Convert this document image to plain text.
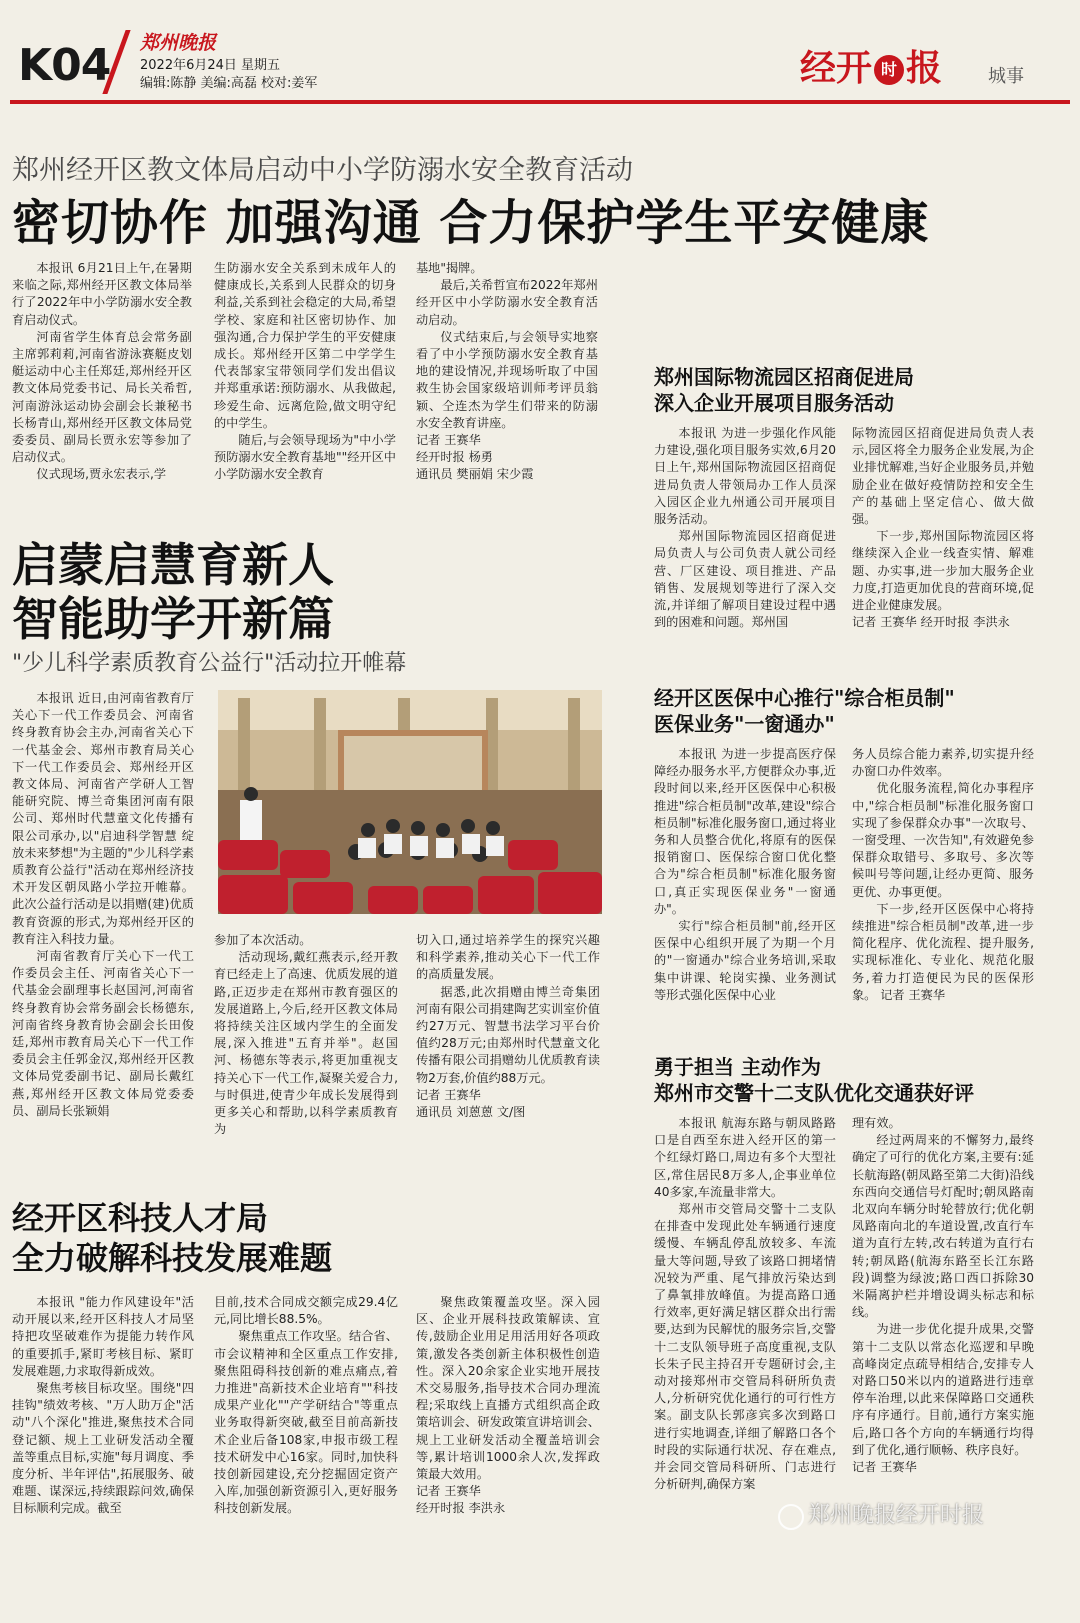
K04 郑州晚报
2022年6月24日 星期五
编辑:陈静 美编:高磊 校对:姜军	经开 时 报	城事
郑州经开区教文体局启动中小学防溺水安全教育活动
密切协作 加强沟通 合力保护学生平安健康
本报讯 6月21日上午,在暑期来临之际,郑州经开区教文体局举行了2022年中小学防溺水安全教育启动仪式。
河南省学生体育总会常务副主席郭莉莉,河南省游泳赛艇皮划艇运动中心主任郑廷,郑州经开区教文体局党委书记、局长关希哲,河南游泳运动协会副会长兼秘书长杨青山,郑州经开区教文体局党委委员、副局长贾永宏等参加了启动仪式。
仪式现场,贾永宏表示,学
生防溺水安全关系到未成年人的健康成长,关系到人民群众的切身利益,关系到社会稳定的大局,希望学校、家庭和社区密切协作、加强沟通,合力保护学生的平安健康成长。郑州经开区第二中学学生代表郜家宝带领同学们发出倡议并郑重承诺:预防溺水、从我做起,珍爱生命、远离危险,做文明守纪的中学生。
随后,与会领导现场为"中小学预防溺水安全教育基地""经开区中小学防溺水安全教育
基地"揭牌。
最后,关希哲宣布2022年郑州经开区中小学防溺水安全教育活动启动。
仪式结束后,与会领导实地察看了中小学预防溺水安全教育基地的建设情况,并现场听取了中国救生协会国家级培训师考评员翁颖、仝连杰为学生们带来的防溺水安全教育讲座。
记者 王赛华
经开时报 杨勇
通讯员 樊丽娟 宋少霞
郑州国际物流园区招商促进局
深入企业开展项目服务活动
本报讯 为进一步强化作风能力建设,强化项目服务实效,6月20日上午,郑州国际物流园区招商促进局负责人带领局办工作人员深入园区企业九州通公司开展项目服务活动。
郑州国际物流园区招商促进局负责人与公司负责人就公司经营、厂区建设、项目推进、产品销售、发展规划等进行了深入交流,并详细了解项目建设过程中遇到的困难和问题。郑州国
际物流园区招商促进局负责人表示,园区将全力服务企业发展,为企业排忧解难,当好企业服务员,并勉励企业在做好疫情防控和安全生产的基础上坚定信心、做大做强。
下一步,郑州国际物流园区将继续深入企业一线查实情、解难题、办实事,进一步加大服务企业力度,打造更加优良的营商环境,促进企业健康发展。
记者 王赛华 经开时报 李洪永
启蒙启慧育新人
智能助学开新篇
"少儿科学素质教育公益行"活动拉开帷幕
本报讯 近日,由河南省教育厅关心下一代工作委员会、河南省终身教育协会主办,河南省关心下一代基金会、郑州市教育局关心下一代工作委员会、郑州经开区教文体局、河南省产学研人工智能研究院、博兰奇集团河南有限公司、郑州时代慧童文化传播有限公司承办,以"启迪科学智慧 绽放未来梦想"为主题的"少儿科学素质教育公益行"活动在郑州经济技术开发区朝凤路小学拉开帷幕。此次公益行活动是以捐赠(建)优质教育资源的形式,为郑州经开区的教育注入科技力量。
河南省教育厅关心下一代工作委员会主任、河南省关心下一代基金会副理事长赵国河,河南省终身教育协会常务副会长杨德东,河南省终身教育协会副会长田俊廷,郑州市教育局关心下一代工作委员会主任郭金汉,郑州经开区教文体局党委副书记、副局长戴红燕,郑州经开区教文体局党委委员、副局长张颖娟
参加了本次活动。
活动现场,戴红燕表示,经开教育已经走上了高速、优质发展的道路,正迈步走在郑州市教育强区的发展道路上,今后,经开区教文体局将持续关注区域内学生的全面发展,深入推进"五育并举"。赵国河、杨德东等表示,将更加重视支持关心下一代工作,凝聚关爱合力,与时俱进,使青少年成长发展得到更多关心和帮助,以科学素质教育为
切入口,通过培养学生的探究兴趣和科学素养,推动关心下一代工作的高质量发展。
据悉,此次捐赠由博兰奇集团河南有限公司捐建陶艺实训室价值约27万元、智慧书法学习平台价值约28万元;由郑州时代慧童文化传播有限公司捐赠幼儿优质教育读物2万套,价值约88万元。
记者 王赛华
通讯员 刘蒽蒽 文/图
经开区医保中心推行"综合柜员制"
医保业务"一窗通办"
本报讯 为进一步提高医疗保障经办服务水平,方便群众办事,近段时间以来,经开区医保中心积极推进"综合柜员制"改革,建设"综合柜员制"标准化服务窗口,通过将业务和人员整合优化,将原有的医保报销窗口、医保综合窗口优化整合为"综合柜员制"标准化服务窗口,真正实现医保业务"一窗通办"。
实行"综合柜员制"前,经开区医保中心组织开展了为期一个月的"一窗通办"综合业务培训,采取集中讲课、轮岗实操、业务测试等形式强化医保中心业
务人员综合能力素养,切实提升经办窗口办件效率。
优化服务流程,简化办事程序中,"综合柜员制"标准化服务窗口实现了参保群众办事"一次取号、一窗受理、一次告知",有效避免参保群众取错号、多取号、多次等候叫号等问题,让经办更简、服务更优、办事更便。
下一步,经开区医保中心将持续推进"综合柜员制"改革,进一步简化程序、优化流程、提升服务,实现标准化、专业化、规范化服务,着力打造便民为民的医保形象。 记者 王赛华
经开区科技人才局
全力破解科技发展难题
本报讯 "能力作风建设年"活动开展以来,经开区科技人才局坚持把攻坚破难作为提能力转作风的重要抓手,紧盯考核目标、紧盯发展难题,力求取得新成效。
聚焦考核目标攻坚。围绕"四挂钩"绩效考核、"万人助万企"活动"八个深化"推进,聚焦技术合同登记额、规上工业研发活动全覆盖等重点目标,实施"每月调度、季度分析、半年评估",拓展服务、破难题、谋深远,持续跟踪问效,确保目标顺利完成。截至
目前,技术合同成交额完成29.4亿元,同比增长88.5%。
聚焦重点工作攻坚。结合省、市会议精神和全区重点工作安排,聚焦阻碍科技创新的难点痛点,着力推进"高新技术企业培育""科技成果产业化""产学研结合"等重点业务取得新突破,截至目前高新技术企业后备108家,申报市级工程技术研发中心16家。同时,加快科技创新园建设,充分挖掘固定资产入库,加强创新资源引入,更好服务科技创新发展。
聚焦政策覆盖攻坚。深入园区、企业开展科技政策解读、宣传,鼓励企业用足用活用好各项政策,激发各类创新主体积极性创造性。深入20余家企业实地开展技术交易服务,指导技术合同办理流程;采取线上直播方式组织高企政策培训会、研发政策宣讲培训会、规上工业研发活动全覆盖培训会等,累计培训1000余人次,发挥政策最大效用。
记者 王赛华
经开时报 李洪永
勇于担当 主动作为
郑州市交警十二支队优化交通获好评
本报讯 航海东路与朝凤路路口是自西至东进入经开区的第一个红绿灯路口,周边有多个大型社区,常住居民8万多人,企事业单位40多家,车流量非常大。
郑州市交管局交警十二支队在排查中发现此处车辆通行速度缓慢、车辆乱停乱放较多、车流量大等问题,导致了该路口拥堵情况较为严重、尾气排放污染达到了鼻氧排放峰值。为提高路口通行效率,更好满足辖区群众出行需要,达到为民解忧的服务宗旨,交警十二支队领导班子高度重视,支队长朱子民主持召开专题研讨会,主动对接郑州市交管局科研所负责人,分析研究优化通行的可行性方案。副支队长郭彦宾多次到路口进行实地调查,详细了解路口各个时段的实际通行状况、存在难点,并会同交管局科研所、门志进行分析研判,确保方案
理有效。
经过两周来的不懈努力,最终确定了可行的优化方案,主要有:延长航海路(朝凤路至第二大街)沿线东西向交通信号灯配时;朝凤路南北双向车辆分时轮替放行;优化朝凤路南向北的车道设置,改直行车道为直行左转,改右转道为直行右转;朝凤路(航海东路至长江东路段)调整为绿波;路口西口拆除30米隔离护栏并增设调头标志和标线。
为进一步优化提升成果,交警第十二支队以常态化巡逻和早晚高峰岗定点疏导相结合,安排专人对路口50米以内的道路进行违章停车治理,以此来保障路口交通秩序有序通行。目前,通行方案实施后,路口各个方向的车辆通行均得到了优化,通行顺畅、秩序良好。
记者 王赛华
郑州晚报经开时报
